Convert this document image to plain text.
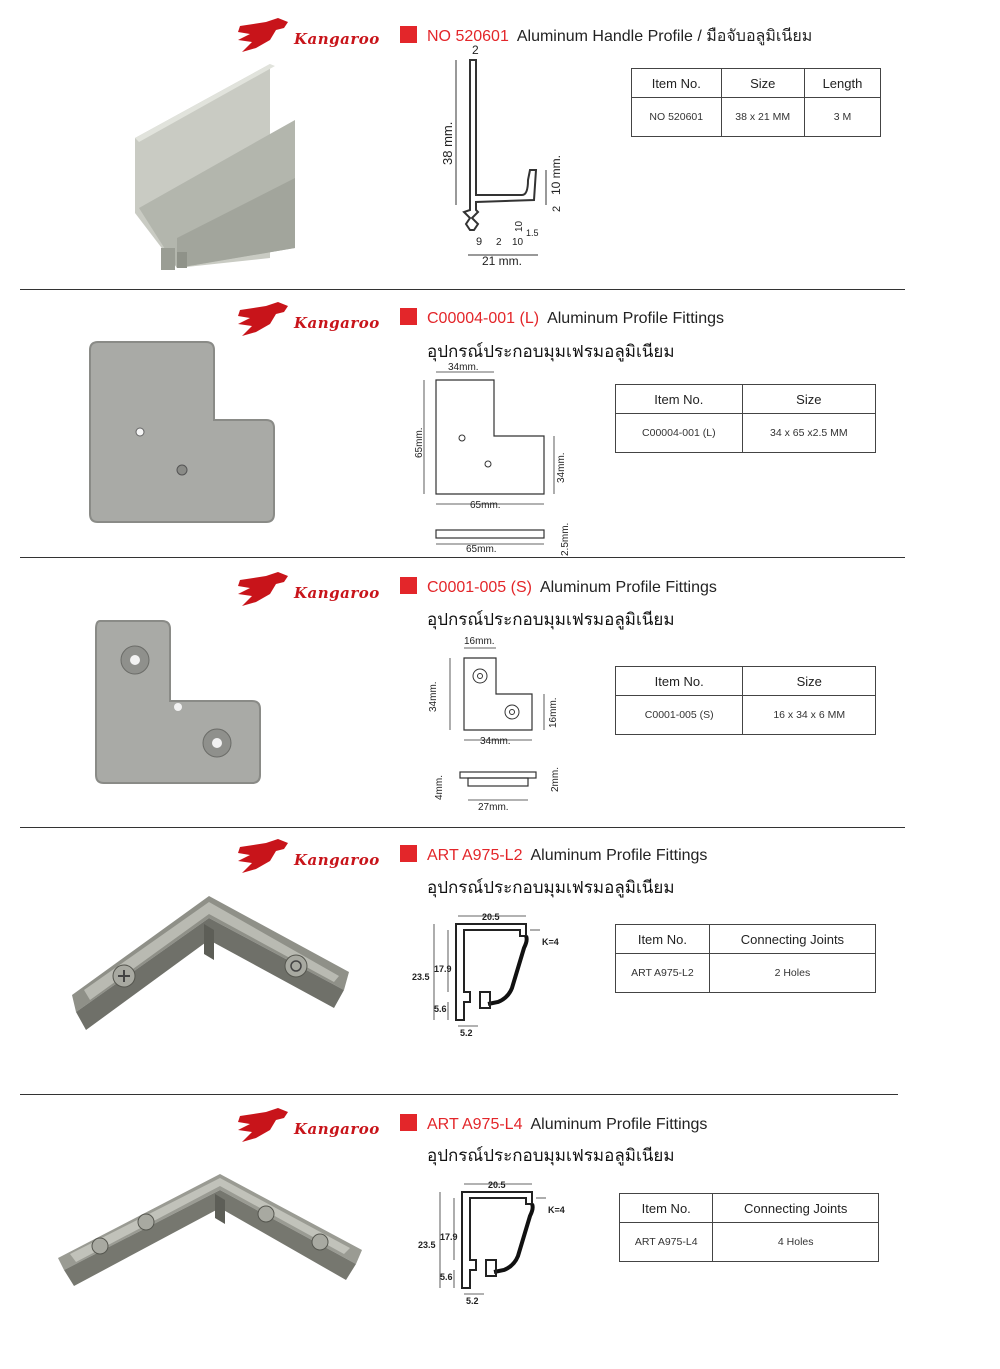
Kangaroo	NO 520601 Aluminum Handle Profile / มือจับอลูมิเนียม
2
38 mm.
10 mm.
2
9 2 10
10
1.5
21 mm.
Item No.	Size	Length
NO 520601	38 x 21 MM	3 M
Kangaroo	C00004-001 (L) Aluminum Profile Fittings
อุปกรณ์ประกอบมุมเฟรมอลูมิเนียม
34mm.
65mm.
34mm.
65mm.
65mm.	2.5mm.
Item No.	Size
C00004-001 (L)	34 x 65 x2.5 MM
Kangaroo	C0001-005 (S) Aluminum Profile Fittings
อุปกรณ์ประกอบมุมเฟรมอลูมิเนียม
16mm.
34mm.
16mm.
34mm.
4mm.
27mm.
2mm.
Item No.	Size
C0001-005 (S)	16 x 34 x 6 MM
Kangaroo	ART A975-L2 Aluminum Profile Fittings
อุปกรณ์ประกอบมุมเฟรมอลูมิเนียม
20.5
K=4
23.5
17.9
5.6
5.2
Item No.	Connecting Joints
ART A975-L2	2 Holes
Kangaroo	ART A975-L4 Aluminum Profile Fittings
อุปกรณ์ประกอบมุมเฟรมอลูมิเนียม
20.5
K=4
23.5
17.9
5.6
5.2
Item No.	Connecting Joints
ART A975-L4	4 Holes
